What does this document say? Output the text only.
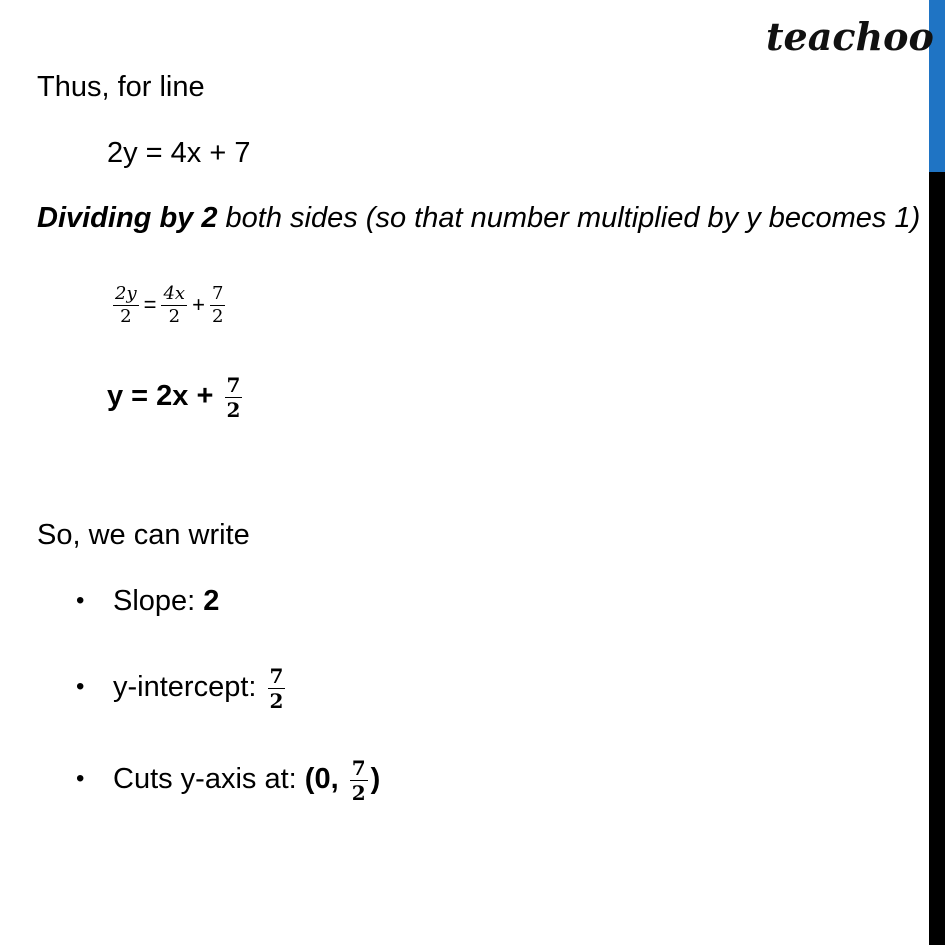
teachoo
Thus, for line
2y = 4x + 7
Dividing by 2 both sides (so that number multiplied by y becomes 1)
$\frac{2y}{2} = \frac{4x}{2} + \frac{7}{2}$
$y = 2x + \frac{7}{2}$
So, we can write
• Slope: 2
• y-intercept: $\frac{7}{2}$
• Cuts y-axis at: (0, $\frac{7}{2}$ )
